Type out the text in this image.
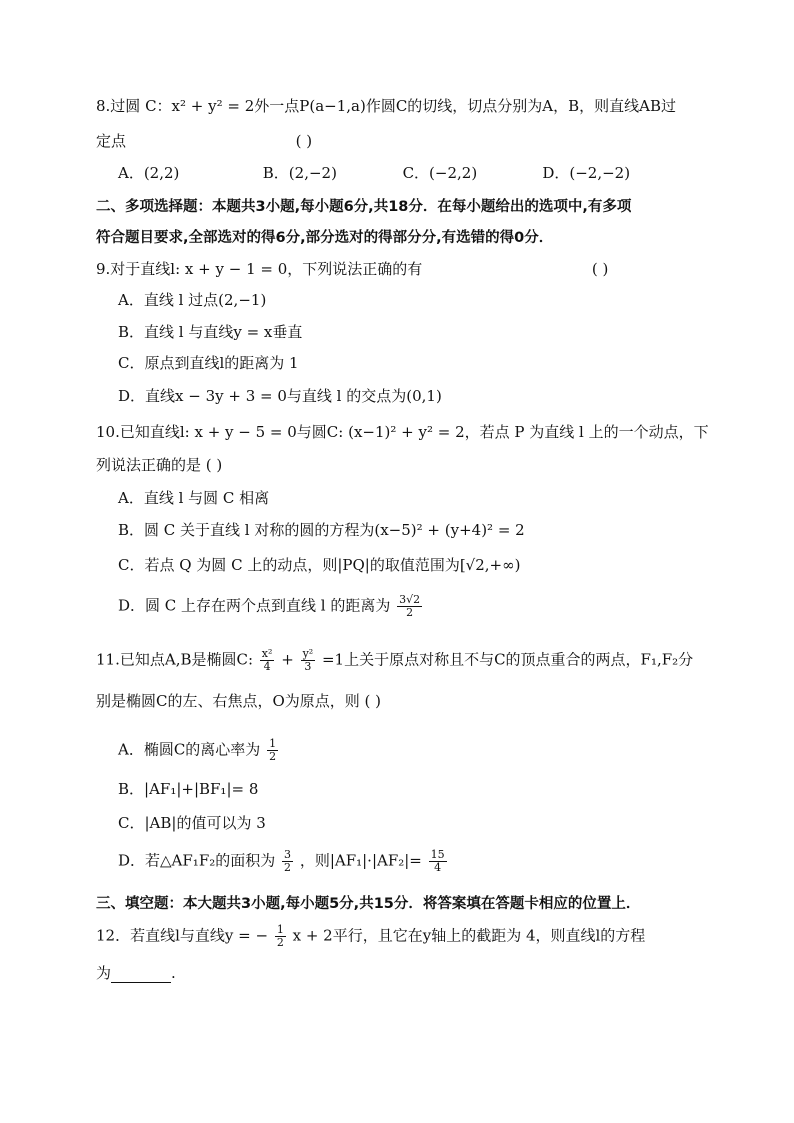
8.过圆 C：x² + y² = 2外一点P(a−1,a)作圆C的切线，切点分别为A，B，则直线AB过
定点	( )
A．(2,2)	B．(2,−2)	C．(−2,2)	D．(−2,−2)
二、多项选择题：本题共3小题,每小题6分,共18分．在每小题给出的选项中,有多项
符合题目要求,全部选对的得6分,部分选对的得部分分,有选错的得0分．
9.对于直线l: x + y − 1 = 0，下列说法正确的有	( )
A．直线 l 过点(2,−1)
B．直线 l 与直线y = x垂直
C．原点到直线l的距离为 1
D．直线x − 3y + 3 = 0与直线 l 的交点为(0,1)
10.已知直线l: x + y − 5 = 0与圆C: (x−1)² + y² = 2，若点 P 为直线 l 上的一个动点，下
列说法正确的是 ( )
A．直线 l 与圆 C 相离
B．圆 C 关于直线 l 对称的圆的方程为(x−5)² + (y+4)² = 2
C．若点 Q 为圆 C 上的动点，则|PQ|的取值范围为[√2,+∞)
D．圆 C 上存在两个点到直线 l 的距离为 $\frac{3√2}{2}$
11.已知点A,B是椭圆C: $\frac{\text{x²}}{4} + \frac{\text{y²}}{3} =1$上关于原点对称且不与C的顶点重合的两点，F₁,F₂分
别是椭圆C的左、右焦点，O为原点，则 ( )
A．椭圆C的离心率为 $\frac{1}{2}$
B．|AF₁|+|BF₁|= 8
C．|AB|的值可以为 3
D．若△AF₁F₂的面积为 $\frac{3}{2}$ ，则$|AF_1|\cdot|AF_2|= \frac{15}{4}$
三、填空题：本大题共3小题,每小题5分,共15分．将答案填在答题卡相应的位置上．
12．若直线l与直线y = − $\frac{1}{2}$ x + 2平行，且它在y轴上的截距为 4，则直线l的方程
为	.
